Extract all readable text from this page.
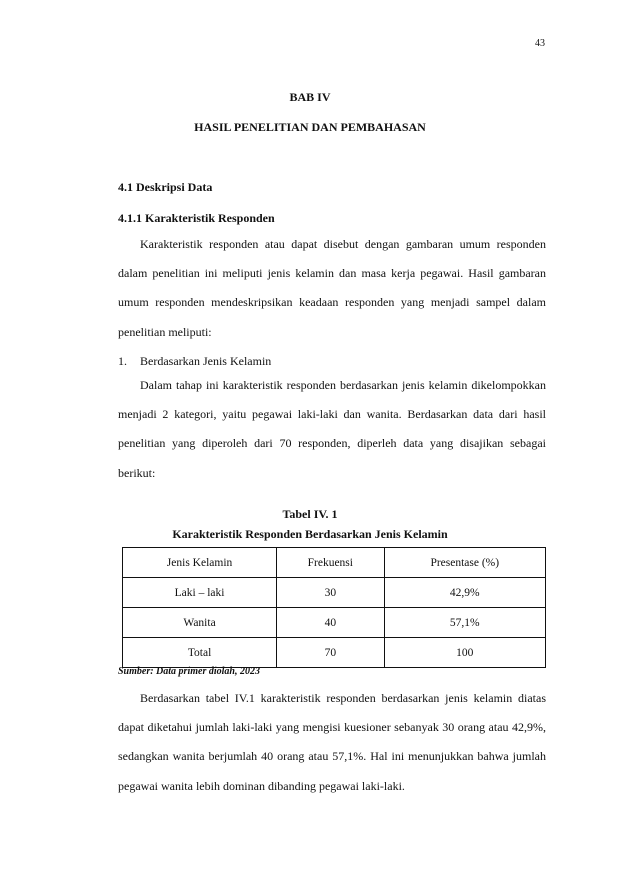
43
BAB IV
HASIL PENELITIAN DAN PEMBAHASAN
4.1 Deskripsi Data
4.1.1 Karakteristik Responden

Karakteristik responden atau dapat disebut dengan gambaran umum responden dalam penelitian ini meliputi jenis kelamin dan masa kerja pegawai. Hasil gambaran umum responden mendeskripsikan keadaan responden yang menjadi sampel dalam penelitian meliputi:

1. Berdasarkan Jenis Kelamin

Dalam tahap ini karakteristik responden berdasarkan jenis kelamin dikelompokkan menjadi 2 kategori, yaitu pegawai laki-laki dan wanita. Berdasarkan data dari hasil penelitian yang diperoleh dari 70 responden, diperleh data yang disajikan sebagai berikut:

Tabel IV. 1
Karakteristik Responden Berdasarkan Jenis Kelamin
Jenis Kelamin	Frekuensi	Presentase (%)
Laki – laki	30	42,9%
Wanita	40	57,1%
Total	70	100
Sumber: Data primer diolah, 2023

Berdasarkan tabel IV.1 karakteristik responden berdasarkan jenis kelamin diatas dapat diketahui jumlah laki-laki yang mengisi kuesioner sebanyak 30 orang atau 42,9%, sedangkan wanita berjumlah 40 orang atau 57,1%. Hal ini menunjukkan bahwa jumlah pegawai wanita lebih dominan dibanding pegawai laki-laki.
